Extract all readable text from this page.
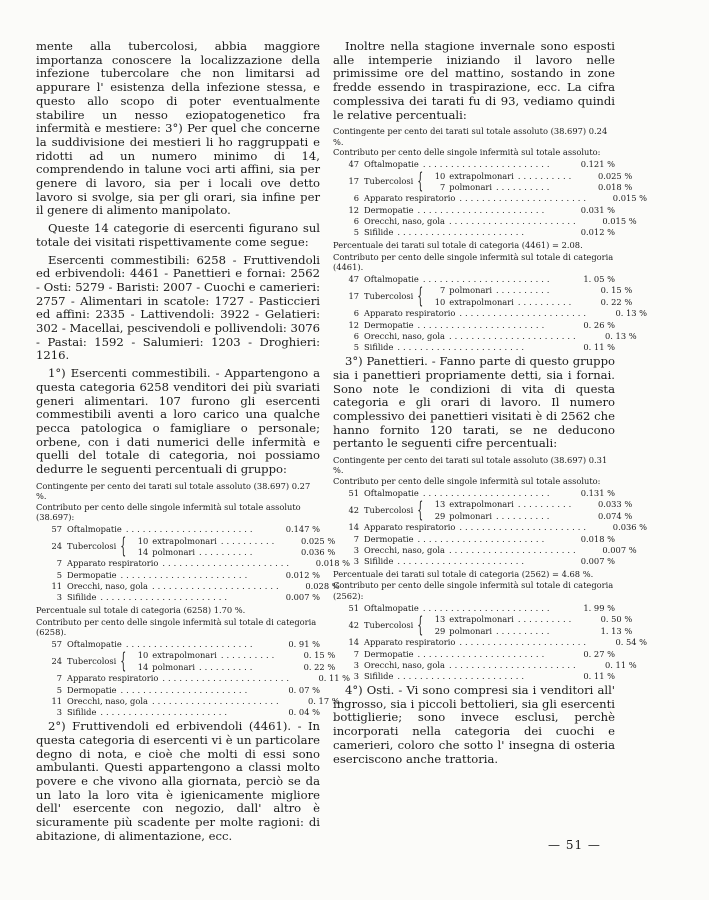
mente alla tubercolosi, abbia maggiore importanza conoscere la localizzazione della infezione tubercolare che non limitarsi ad appurare l' esistenza della infezione stessa, e questo allo scopo di poter eventualmente stabilire un nesso eziopatogenetico fra infermità e mestiere: 3°) Per quel che concerne la suddivisione dei mestieri li ho raggruppati e ridotti ad un numero minimo di 14, comprendendo in talune voci arti affini, sia per genere di lavoro, sia per i locali ove detto lavoro si svolge, sia per gli orari, sia infine per il genere di alimento manipolato.

Queste 14 categorie di esercenti figurano sul totale dei visitati rispettivamente come segue:

Esercenti commestibili: 6258 - Fruttivendoli ed erbivendoli: 4461 - Panettieri e fornai: 2562 - Osti: 5279 - Baristi: 2007 - Cuochi e camerieri: 2757 - Alimentari in scatole: 1727 - Pasticcieri ed affini: 2335 - Lattivendoli: 3922 - Gelatieri: 302 - Macellai, pescivendoli e pollivendoli: 3076 - Pastai: 1592 - Salumieri: 1203 - Droghieri: 1216.

1°) Esercenti commestibili. - Appartengono a questa categoria 6258 venditori dei più svariati generi alimentari. 107 furono gli esercenti commestibili aventi a loro carico una qualche pecca patologica o famigliare o personale; orbene, con i dati numerici delle infermità e quelli del totale di categoria, noi possiamo dedurre le seguenti percentuali di gruppo:

Contingente per cento dei tarati sul totale assoluto (38.697) 0.27 %.

Contributo per cento delle singole infermità sul totale assoluto (38.697):

57 Oftalmopatie .......................	0.147 %
24 Tubercolosi {	10 extrapolmonari ..........	0.025 %
14 polmonari ..........	0.036 %
7 Apparato respiratorio .......................	0.018 %
5 Dermopatie .......................	0.012 %
11 Orecchi, naso, gola .......................	0.028 %
3 Sifilide .......................	0.007 %

Percentuale sul totale di categoria (6258) 1.70 %.

Contributo per cento delle singole infermità sul totale di categoria (6258).

57 Oftalmopatie .......................	0. 91 %
24 Tubercolosi {	10 extrapolmonari ..........	0. 15 %
14 polmonari ..........	0. 22 %
7 Apparato respiratorio .......................	0. 11 %
5 Dermopatie .......................	0. 07 %
11 Orecchi, naso, gola .......................	0. 17 %
3 Sifilide .......................	0. 04 %

2°) Fruttivendoli ed erbivendoli (4461). - In questa categoria di esercenti vi è un particolare degno di nota, e cioè che molti di essi sono ambulanti. Questi appartengono a classi molto povere e che vivono alla giornata, perciò se da un lato la loro vita è igienicamente migliore dell' esercente con negozio, dall' altro è sicuramente più scadente per molte ragioni: di abitazione, di alimentazione, ecc.

Inoltre nella stagione invernale sono esposti alle intemperie iniziando il lavoro nelle primissime ore del mattino, sostando in zone fredde essendo in traspirazione, ecc. La cifra complessiva dei tarati fu di 93, vediamo quindi le relative percentuali:

Contingente per cento dei tarati sul totale assoluto (38.697) 0.24 %.

Contributo per cento delle singole infermità sul totale assoluto:

47 Oftalmopatie .......................	0.121 %
17 Tubercolosi {	10 extrapolmonari ..........	0.025 %
7 polmonari ..........	0.018 %
6 Apparato respiratorio .......................	0.015 %
12 Dermopatie .......................	0.031 %
6 Orecchi, naso, gola .......................	0.015 %
5 Sifilide .......................	0.012 %

Percentuale dei tarati sul totale di categoria (4461) = 2.08.

Contributo per cento delle singole infermità sul totale di categoria (4461).

47 Oftalmopatie .......................	1. 05 %
17 Tubercolosi {	7 polmonari ..........	0. 15 %
10 extrapolmonari ..........	0. 22 %
6 Apparato respiratorio .......................	0. 13 %
12 Dermopatie .......................	0. 26 %
6 Orecchi, naso, gola .......................	0. 13 %
5 Sifilide .......................	0. 11 %

3°) Panettieri. - Fanno parte di questo gruppo sia i panettieri propriamente detti, sia i fornai. Sono note le condizioni di vita di questa categoria e gli orari di lavoro. Il numero complessivo dei panettieri visitati è di 2562 che hanno fornito 120 tarati, se ne deducono pertanto le seguenti cifre percentuali:

Contingente per cento dei tarati sul totale assoluto (38.697) 0.31 %.

Contributo per cento delle singole infermità sul totale assoluto:

51 Oftalmopatie .......................	0.131 %
42 Tubercolosi {	13 extrapolmonari ..........	0.033 %
29 polmonari ..........	0.074 %
14 Apparato respiratorio .......................	0.036 %
7 Dermopatie .......................	0.018 %
3 Orecchi, naso, gola .......................	0.007 %
3 Sifilide .......................	0.007 %

Percentuale dei tarati sul totale di categoria (2562) = 4.68 %.

Contributo per cento delle singole infermità sul totale di categoria (2562):

51 Oftalmopatie .......................	1. 99 %
42 Tubercolosi {	13 extrapolmonari ..........	0. 50 %
29 polmonari ..........	1. 13 %
14 Apparato respiratorio .......................	0. 54 %
7 Dermopatie .......................	0. 27 %
3 Orecchi, naso, gola .......................	0. 11 %
3 Sifilide .......................	0. 11 %

4°) Osti. - Vi sono compresi sia i venditori all' ingrosso, sia i piccoli bettolieri, sia gli esercenti bottiglierie; sono invece esclusi, perchè incorporati nella categoria dei cuochi e camerieri, coloro che sotto l' insegna di osteria eserciscono anche trattoria.

— 51 —
